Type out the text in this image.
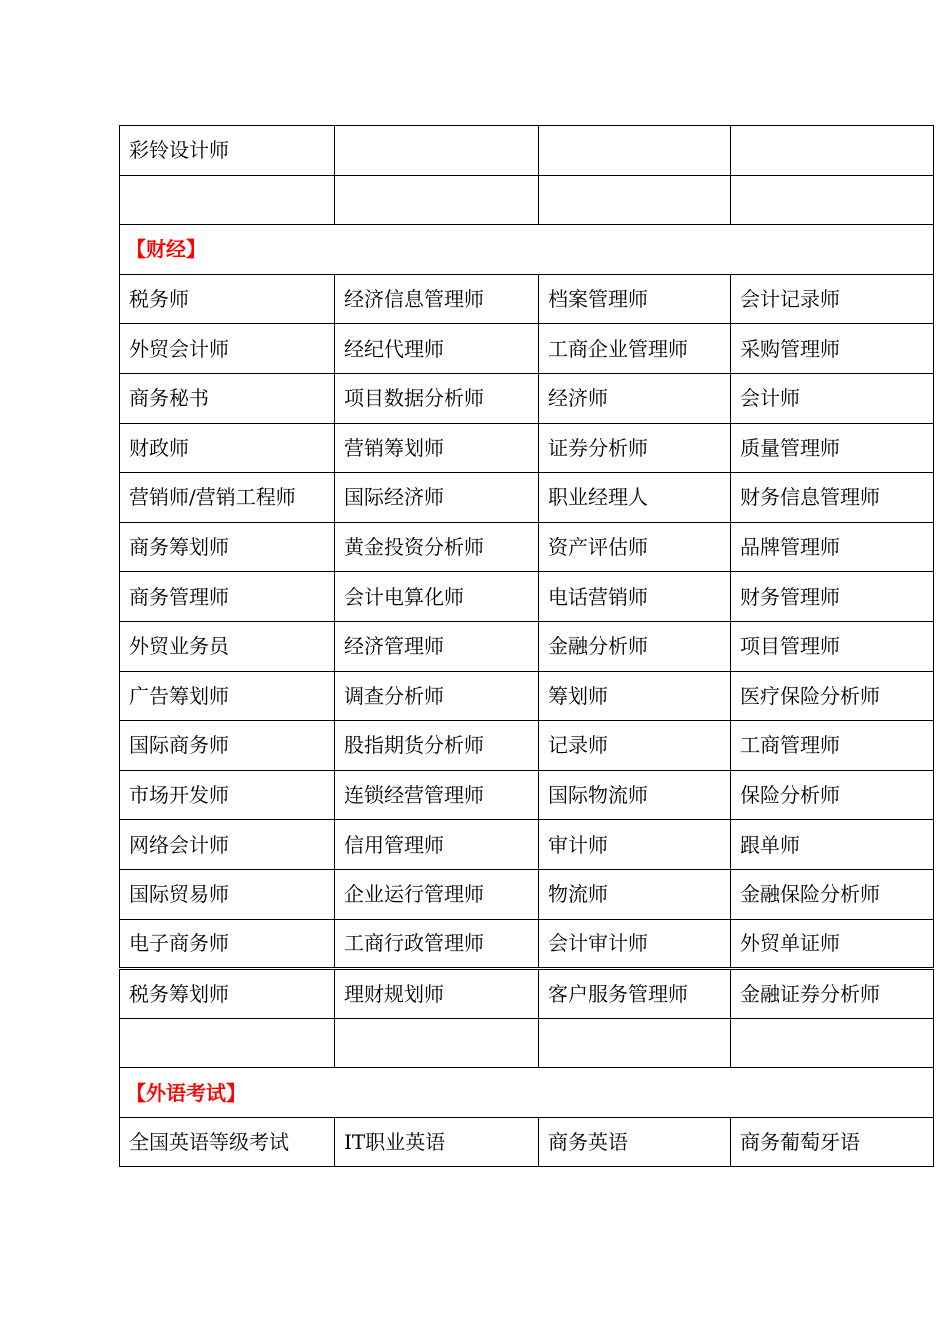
彩铃设计师			

【财经】			
税务师	经济信息管理师	档案管理师	会计记录师
外贸会计师	经纪代理师	工商企业管理师	采购管理师
商务秘书	项目数据分析师	经济师	会计师
财政师	营销筹划师	证券分析师	质量管理师
营销师/营销工程师	国际经济师	职业经理人	财务信息管理师
商务筹划师	黄金投资分析师	资产评估师	品牌管理师
商务管理师	会计电算化师	电话营销师	财务管理师
外贸业务员	经济管理师	金融分析师	项目管理师
广告筹划师	调查分析师	筹划师	医疗保险分析师
国际商务师	股指期货分析师	记录师	工商管理师
市场开发师	连锁经营管理师	国际物流师	保险分析师
网络会计师	信用管理师	审计师	跟单师
国际贸易师	企业运行管理师	物流师	金融保险分析师
电子商务师	工商行政管理师	会计审计师	外贸单证师
税务筹划师	理财规划师	客户服务管理师	金融证券分析师

【外语考试】			
全国英语等级考试	IT职业英语	商务英语	商务葡萄牙语
